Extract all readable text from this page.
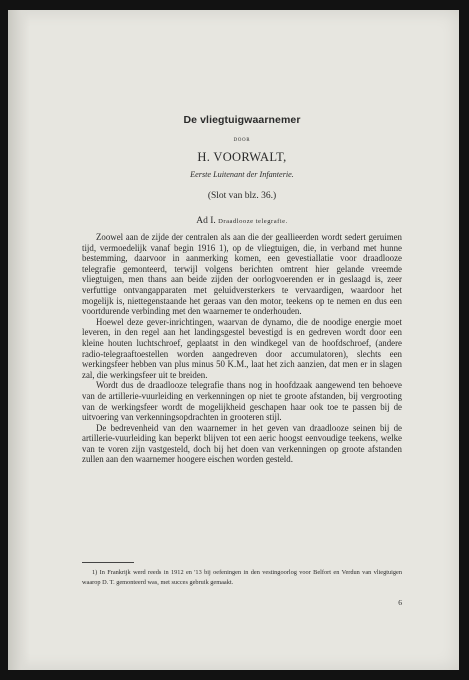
De vliegtuigwaarnemer
DOOR
H. VOORWALT,
Eerste Luitenant der Infanterie.
(Slot van blz. 36.)
Ad I. Draadlooze telegrafie.

Zoowel aan de zijde der centralen als aan die der geallieerden wordt sedert geruimen tijd, vermoedelijk vanaf begin 1916 1), op de vliegtuigen, die, in verband met hunne bestemming, daarvoor in aanmerking komen, een gevestiallatie voor draadlooze telegrafie gemonteerd, terwijl volgens berichten omtrent hier gelande vreemde vliegtuigen, men thans aan beide zijden der oorlogvoerenden er in geslaagd is, zeer verfuttige ontvangapparaten met geluidversterkers te vervaardigen, waardoor het mogelijk is, niettegenstaande het geraas van den motor, teekens op te nemen en dus een voortdurende verbinding met den waarnemer te onderhouden.

Hoewel deze gever-inrichtingen, waarvan de dynamo, die de noodige energie moet leveren, in den regel aan het landingsgestel bevestigd is en gedreven wordt door een kleine houten luchtschroef, geplaatst in den windkegel van de hoofdschroef, (andere radio-telegraaftoestellen worden aangedreven door accumulatoren), slechts een werkingsfeer hebben van plus minus 50 K.M., laat het zich aanzien, dat men er in slagen zal, die werkingsfeer uit te breiden.

Wordt dus de draadlooze telegrafie thans nog in hoofdzaak aangewend ten behoeve van de artillerie-vuurleiding en verkenningen op niet te groote afstanden, bij vergrooting van de werkingsfeer wordt de mogelijkheid geschapen haar ook toe te passen bij de uitvoering van verkenningsopdrachten in grooteren stijl.

De bedrevenheid van den waarnemer in het geven van draadlooze seinen bij de artillerie-vuurleiding kan beperkt blijven tot een aeric hoogst eenvoudige teekens, welke van te voren zijn vastgesteld, doch bij het doen van verkenningen op groote afstanden zullen aan den waarnemer hoogere eischen worden gesteld.

1) In Frankrijk werd reeds in 1912 en '13 bij oefeningen in den vestingoorlog voor Belfort en Verdun van vliegtuigen waarop D. T. gemonteerd was, met succes gebruik gemaakt.

6
